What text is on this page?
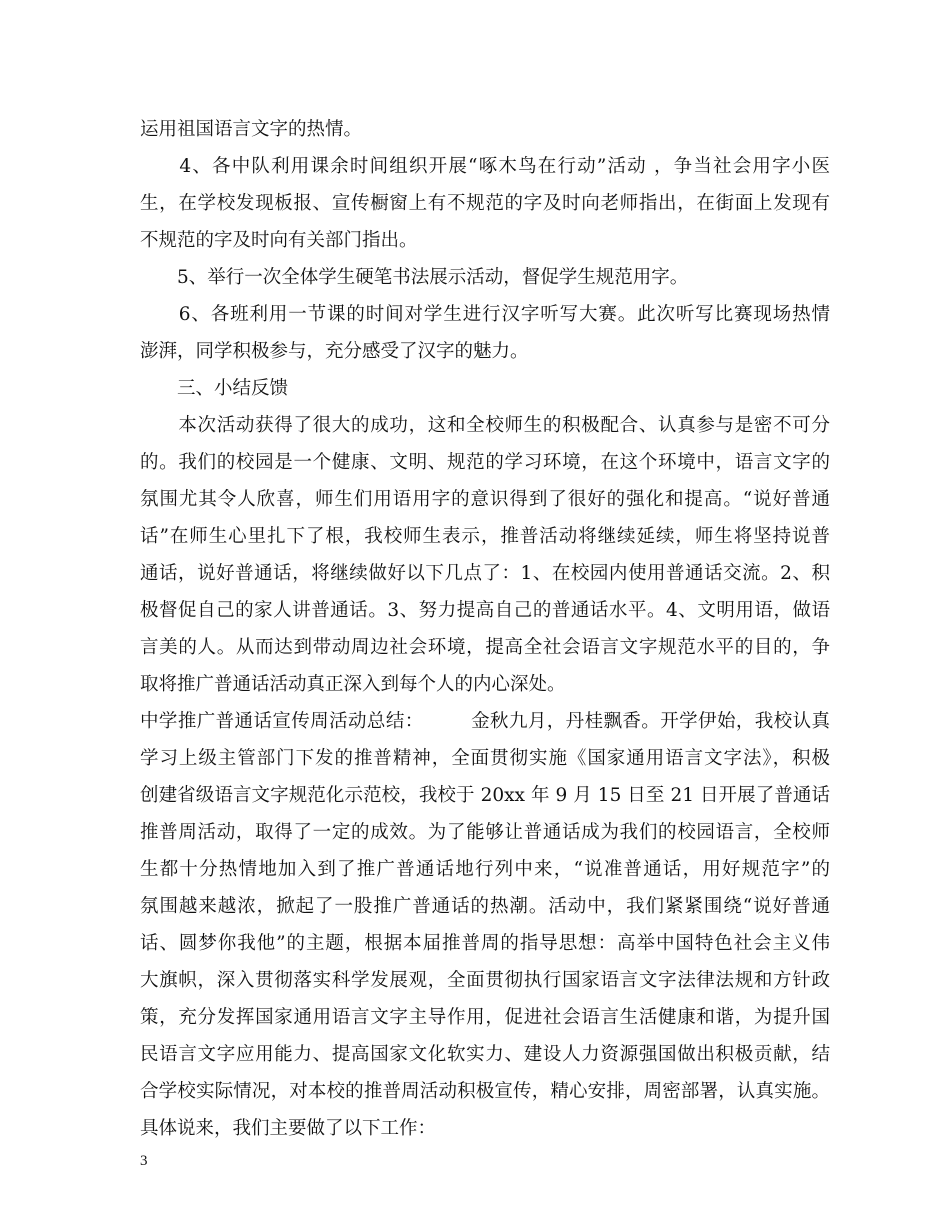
运用祖国语言文字的热情。
　　4、各中队利用课余时间组织开展“啄木鸟在行动”活动 ，争当社会用字小医
生，在学校发现板报、宣传橱窗上有不规范的字及时向老师指出，在街面上发现有
不规范的字及时向有关部门指出。
　　5、举行一次全体学生硬笔书法展示活动，督促学生规范用字。
　　6、各班利用一节课的时间对学生进行汉字听写大赛。此次听写比赛现场热情
澎湃，同学积极参与，充分感受了汉字的魅力。
　　三、小结反馈
　　本次活动获得了很大的成功，这和全校师生的积极配合、认真参与是密不可分
的。我们的校园是一个健康、文明、规范的学习环境，在这个环境中，语言文字的
氛围尤其令人欣喜，师生们用语用字的意识得到了很好的强化和提高。“说好普通
话”在师生心里扎下了根，我校师生表示，推普活动将继续延续，师生将坚持说普
通话，说好普通话，将继续做好以下几点了：1、在校园内使用普通话交流。2、积
极督促自己的家人讲普通话。3、努力提高自己的普通话水平。4、文明用语，做语
言美的人。从而达到带动周边社会环境，提高全社会语言文字规范水平的目的，争
取将推广普通话活动真正深入到每个人的内心深处。
中学推广普通话宣传周活动总结：　　　金秋九月，丹桂飘香。开学伊始，我校认真
学习上级主管部门下发的推普精神，全面贯彻实施《国家通用语言文字法》，积极
创建省级语言文字规范化示范校，我校于 20xx 年 9 月 15 日至 21 日开展了普通话
推普周活动，取得了一定的成效。为了能够让普通话成为我们的校园语言，全校师
生都十分热情地加入到了推广普通话地行列中来，“说准普通话，用好规范字”的
氛围越来越浓，掀起了一股推广普通话的热潮。活动中，我们紧紧围绕“说好普通
话、圆梦你我他”的主题，根据本届推普周的指导思想：高举中国特色社会主义伟
大旗帜，深入贯彻落实科学发展观，全面贯彻执行国家语言文字法律法规和方针政
策，充分发挥国家通用语言文字主导作用，促进社会语言生活健康和谐，为提升国
民语言文字应用能力、提高国家文化软实力、建设人力资源强国做出积极贡献，结
合学校实际情况，对本校的推普周活动积极宣传，精心安排，周密部署，认真实施。
具体说来，我们主要做了以下工作：
3
